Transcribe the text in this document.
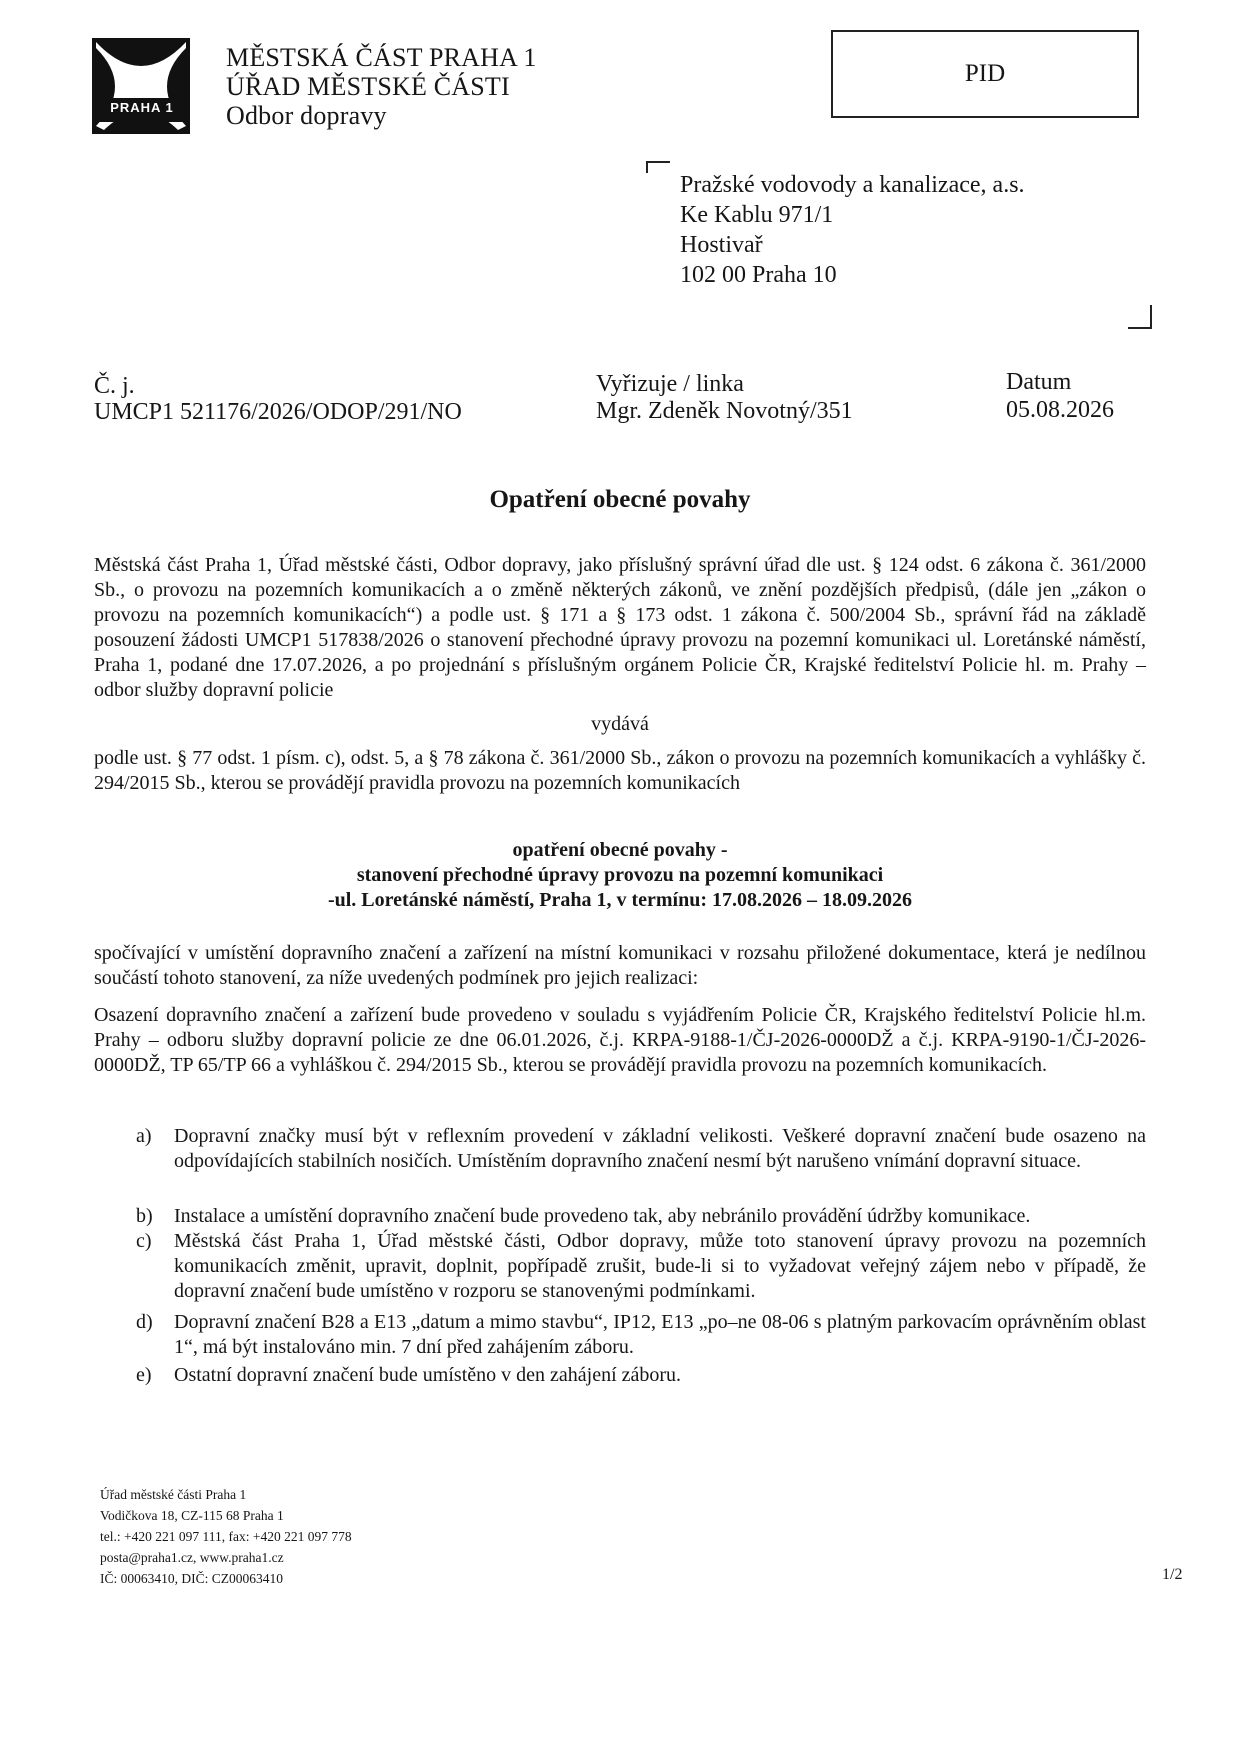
PRAHA 1
MĚSTSKÁ ČÁST PRAHA 1
ÚŘAD MĚSTSKÉ ČÁSTI
Odbor dopravy
PID
Pražské vodovody a kanalizace, a.s.
Ke Kablu 971/1
Hostivař
102 00 Praha 10
Č. j.
UMCP1 521176/2026/ODOP/291/NO
Vyřizuje / linka
Mgr. Zdeněk Novotný/351
Datum
05.08.2026
Opatření obecné povahy
Městská část Praha 1, Úřad městské části, Odbor dopravy, jako příslušný správní úřad dle ust. § 124 odst. 6 zákona č. 361/2000 Sb., o provozu na pozemních komunikacích a o změně některých zákonů, ve znění pozdějších předpisů, (dále jen „zákon o provozu na pozemních komunikacích“) a podle ust. § 171 a § 173 odst. 1 zákona č. 500/2004 Sb., správní řád na základě posouzení žádosti UMCP1 517838/2026 o stanovení přechodné úpravy provozu na pozemní komunikaci ul. Loretánské náměstí, Praha 1, podané dne 17.07.2026, a po projednání s příslušným orgánem Policie ČR, Krajské ředitelství Policie hl. m. Prahy – odbor služby dopravní policie
vydává
podle ust. § 77 odst. 1 písm. c), odst. 5, a § 78 zákona č. 361/2000 Sb., zákon o provozu na pozemních komunikacích a vyhlášky č. 294/2015 Sb., kterou se provádějí pravidla provozu na pozemních komunikacích
opatření obecné povahy -
stanovení přechodné úpravy provozu na pozemní komunikaci
-ul. Loretánské náměstí, Praha 1, v termínu: 17.08.2026 – 18.09.2026
spočívající v umístění dopravního značení a zařízení na místní komunikaci v rozsahu přiložené dokumentace, která je nedílnou součástí tohoto stanovení, za níže uvedených podmínek pro jejich realizaci:
Osazení dopravního značení a zařízení bude provedeno v souladu s vyjádřením Policie ČR, Krajského ředitelství Policie hl.m. Prahy – odboru služby dopravní policie ze dne 06.01.2026, č.j. KRPA-9188-1/ČJ-2026-0000DŽ a č.j. KRPA-9190-1/ČJ-2026-0000DŽ, TP 65/TP 66 a vyhláškou č. 294/2015 Sb., kterou se provádějí pravidla provozu na pozemních komunikacích.
a) Dopravní značky musí být v reflexním provedení v základní velikosti. Veškeré dopravní značení bude osazeno na odpovídajících stabilních nosičích. Umístěním dopravního značení nesmí být narušeno vnímání dopravní situace.
b) Instalace a umístění dopravního značení bude provedeno tak, aby nebránilo provádění údržby komunikace.
c) Městská část Praha 1, Úřad městské části, Odbor dopravy, může toto stanovení úpravy provozu na pozemních komunikacích změnit, upravit, doplnit, popřípadě zrušit, bude-li si to vyžadovat veřejný zájem nebo v případě, že dopravní značení bude umístěno v rozporu se stanovenými podmínkami.
d) Dopravní značení B28 a E13 „datum a mimo stavbu“, IP12, E13 „po–ne 08-06 s platným parkovacím oprávněním oblast 1“, má být instalováno min. 7 dní před zahájením záboru.
e) Ostatní dopravní značení bude umístěno v den zahájení záboru.
Úřad městské části Praha 1
Vodičkova 18, CZ-115 68 Praha 1
tel.: +420 221 097 111, fax: +420 221 097 778
posta@praha1.cz, www.praha1.cz
IČ: 00063410, DIČ: CZ00063410	1/2
